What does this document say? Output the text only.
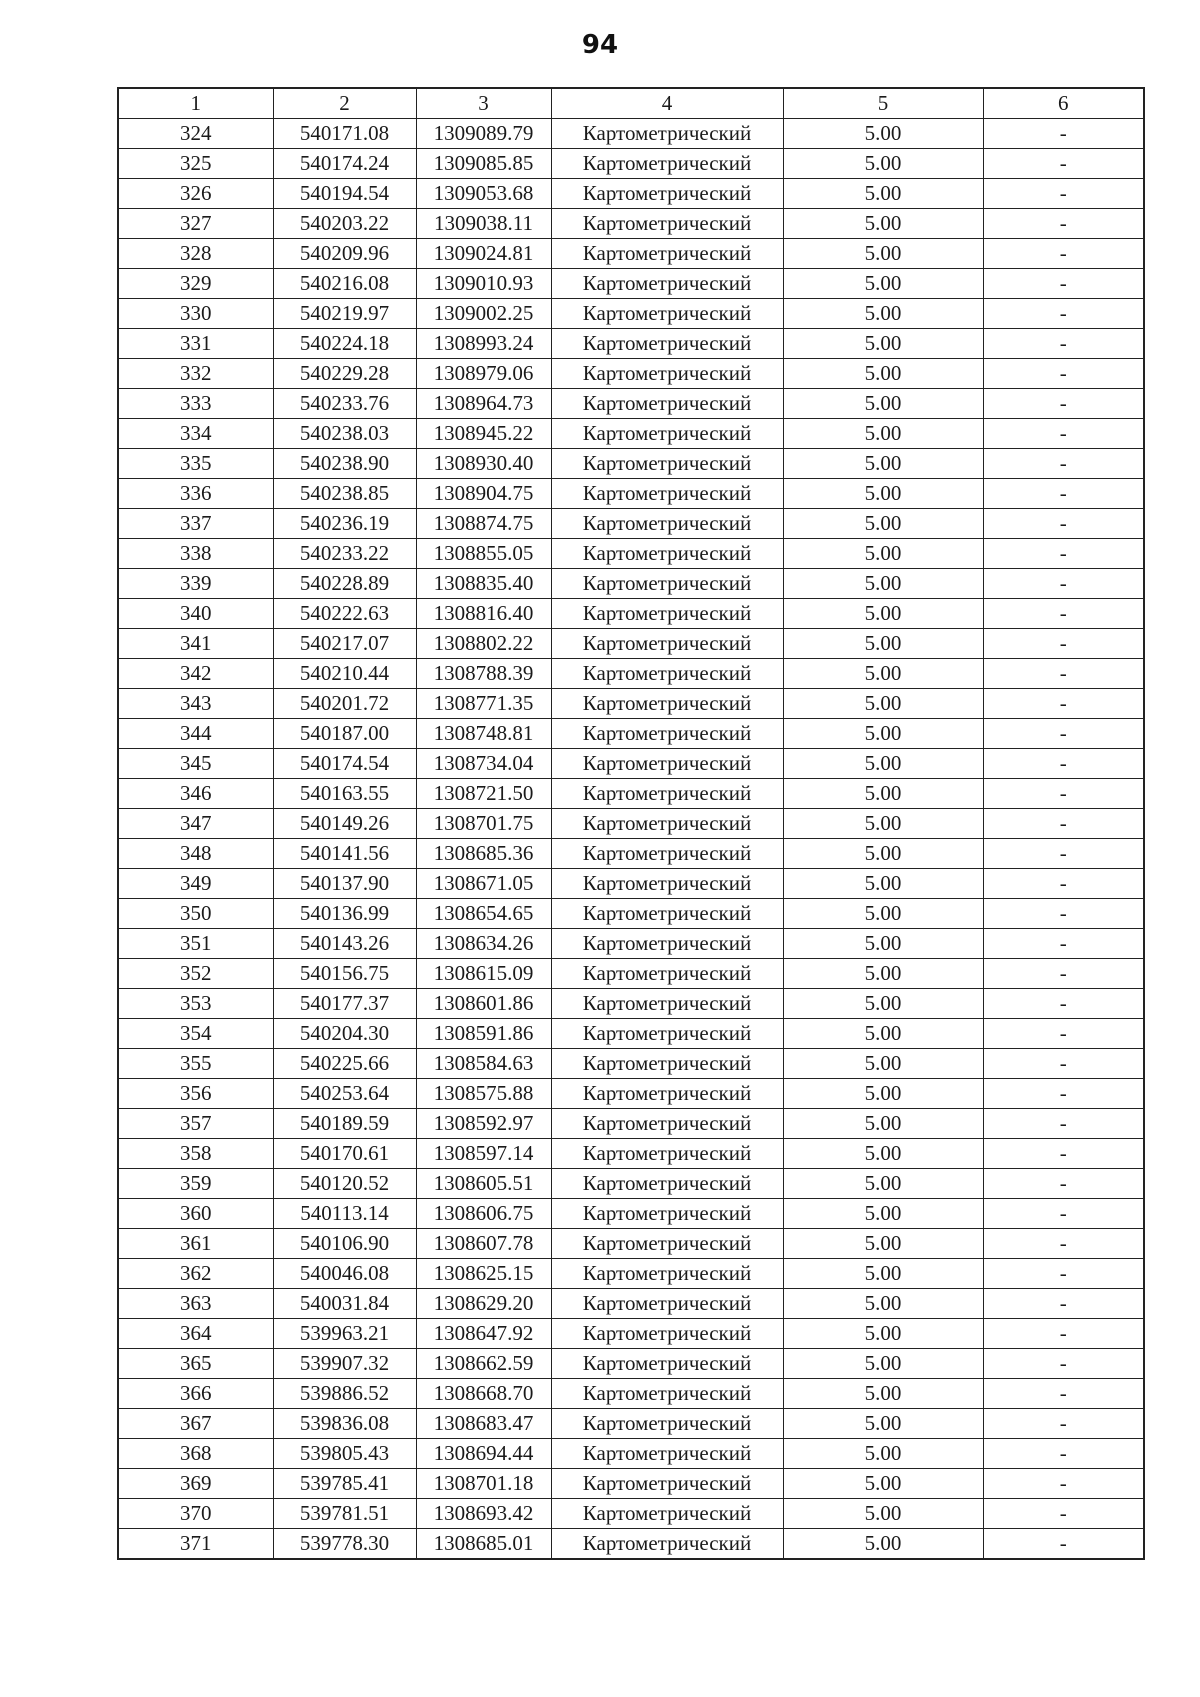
94
1	2	3	4	5	6
324	540171.08	1309089.79	Картометрический	5.00	-
325	540174.24	1309085.85	Картометрический	5.00	-
326	540194.54	1309053.68	Картометрический	5.00	-
327	540203.22	1309038.11	Картометрический	5.00	-
328	540209.96	1309024.81	Картометрический	5.00	-
329	540216.08	1309010.93	Картометрический	5.00	-
330	540219.97	1309002.25	Картометрический	5.00	-
331	540224.18	1308993.24	Картометрический	5.00	-
332	540229.28	1308979.06	Картометрический	5.00	-
333	540233.76	1308964.73	Картометрический	5.00	-
334	540238.03	1308945.22	Картометрический	5.00	-
335	540238.90	1308930.40	Картометрический	5.00	-
336	540238.85	1308904.75	Картометрический	5.00	-
337	540236.19	1308874.75	Картометрический	5.00	-
338	540233.22	1308855.05	Картометрический	5.00	-
339	540228.89	1308835.40	Картометрический	5.00	-
340	540222.63	1308816.40	Картометрический	5.00	-
341	540217.07	1308802.22	Картометрический	5.00	-
342	540210.44	1308788.39	Картометрический	5.00	-
343	540201.72	1308771.35	Картометрический	5.00	-
344	540187.00	1308748.81	Картометрический	5.00	-
345	540174.54	1308734.04	Картометрический	5.00	-
346	540163.55	1308721.50	Картометрический	5.00	-
347	540149.26	1308701.75	Картометрический	5.00	-
348	540141.56	1308685.36	Картометрический	5.00	-
349	540137.90	1308671.05	Картометрический	5.00	-
350	540136.99	1308654.65	Картометрический	5.00	-
351	540143.26	1308634.26	Картометрический	5.00	-
352	540156.75	1308615.09	Картометрический	5.00	-
353	540177.37	1308601.86	Картометрический	5.00	-
354	540204.30	1308591.86	Картометрический	5.00	-
355	540225.66	1308584.63	Картометрический	5.00	-
356	540253.64	1308575.88	Картометрический	5.00	-
357	540189.59	1308592.97	Картометрический	5.00	-
358	540170.61	1308597.14	Картометрический	5.00	-
359	540120.52	1308605.51	Картометрический	5.00	-
360	540113.14	1308606.75	Картометрический	5.00	-
361	540106.90	1308607.78	Картометрический	5.00	-
362	540046.08	1308625.15	Картометрический	5.00	-
363	540031.84	1308629.20	Картометрический	5.00	-
364	539963.21	1308647.92	Картометрический	5.00	-
365	539907.32	1308662.59	Картометрический	5.00	-
366	539886.52	1308668.70	Картометрический	5.00	-
367	539836.08	1308683.47	Картометрический	5.00	-
368	539805.43	1308694.44	Картометрический	5.00	-
369	539785.41	1308701.18	Картометрический	5.00	-
370	539781.51	1308693.42	Картометрический	5.00	-
371	539778.30	1308685.01	Картометрический	5.00	-
